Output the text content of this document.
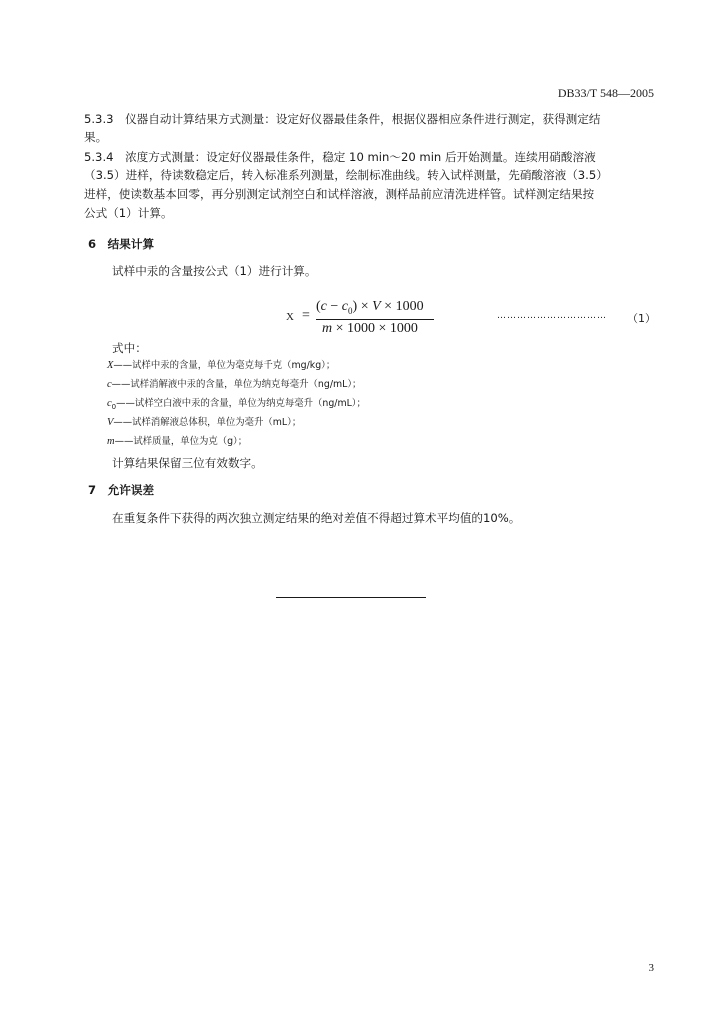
DB33/T 548—2005
5.3.3　仪器自动计算结果方式测量：设定好仪器最佳条件，根据仪器相应条件进行测定，获得测定结
果。
5.3.4　浓度方式测量：设定好仪器最佳条件，稳定 10 min～20 min 后开始测量。连续用硝酸溶液
（3.5）进样，待读数稳定后，转入标准系列测量，绘制标准曲线。转入试样测量，先硝酸溶液（3.5）
进样，使读数基本回零，再分别测定试剂空白和试样溶液，测样品前应清洗进样管。试样测定结果按
公式（1）计算。
6　结果计算
试样中汞的含量按公式（1）进行计算。
X =
$(c - c_0) \times V \times 1000$
m × 1000 × 1000
…………………………… （1）
式中：
X——试样中汞的含量，单位为毫克每千克（mg/kg）；
c——试样消解液中汞的含量，单位为纳克每毫升（ng/mL）；
$c_0——$试样空白液中汞的含量，单位为纳克每毫升（ng/mL）；
V——试样消解液总体积，单位为毫升（mL）；
m——试样质量，单位为克（g）；
计算结果保留三位有效数字。
7　允许误差
在重复条件下获得的两次独立测定结果的绝对差值不得超过算术平均值的10%。
3
